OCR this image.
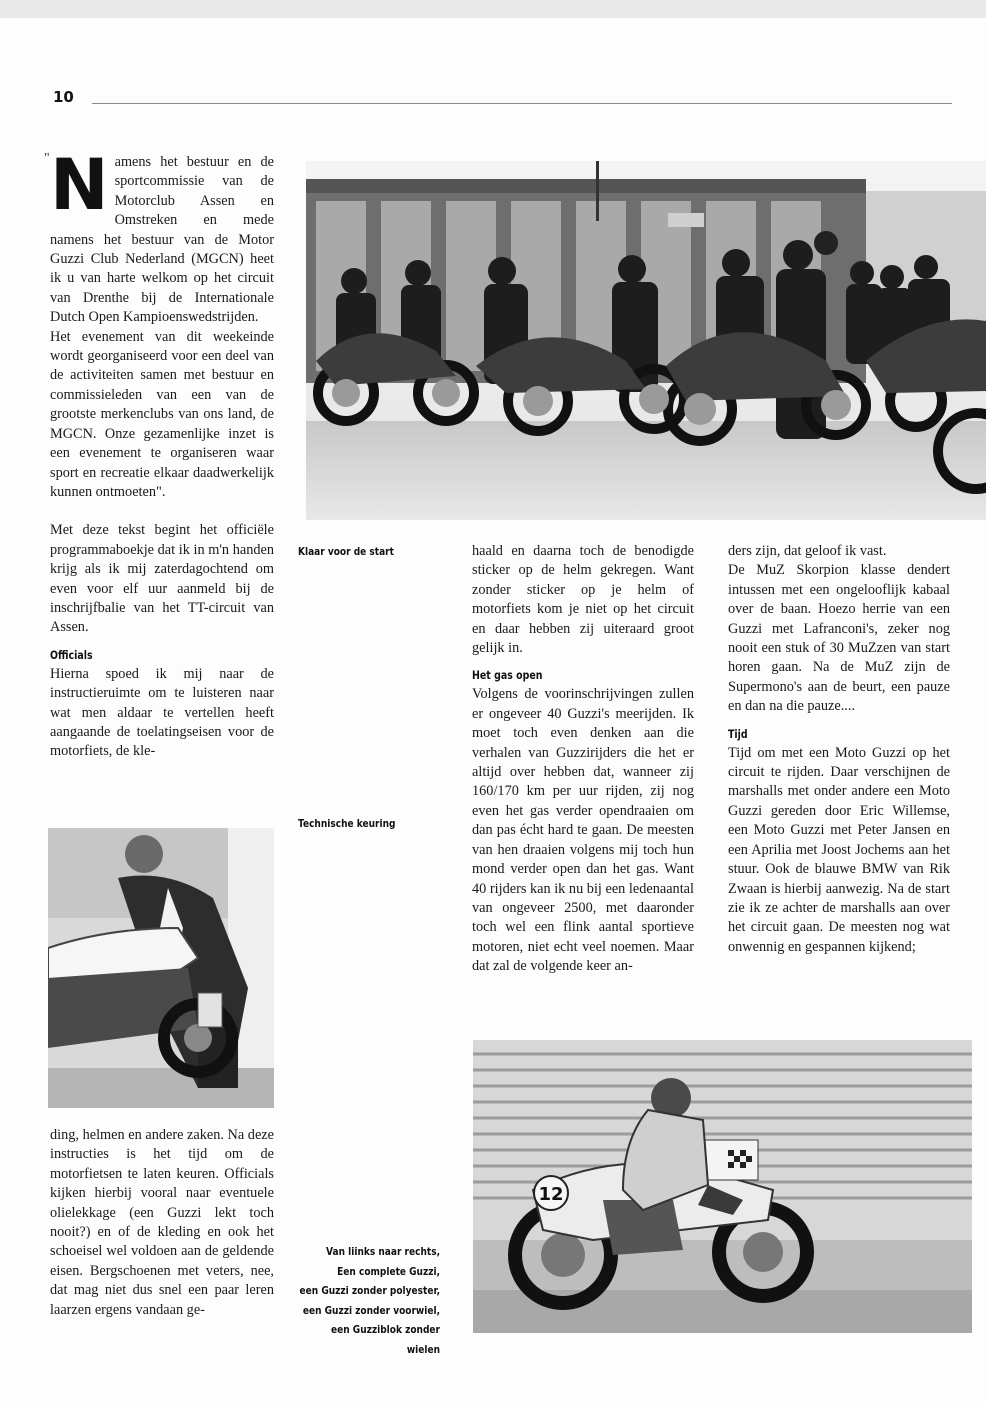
10
" Namens het bestuur en de sportcommissie van de Motorclub Assen en Omstreken en mede namens het bestuur van de Motor Guzzi Club Nederland (MGCN) heet ik u van harte welkom op het circuit van Drenthe bij de Internationale Dutch Open Kampioenswedstrijden.

Het evenement van dit weekeinde wordt georganiseerd voor een deel van de activiteiten samen met bestuur en commissieleden van een van de grootste merkenclubs van ons land, de MGCN. Onze gezamenlijke inzet is een evenement te organiseren waar sport en recreatie elkaar daadwerkelijk kunnen ontmoeten".

Met deze tekst begint het officiële programmaboekje dat ik in m'n handen krijg als ik mij zaterdagochtend om even voor elf uur aanmeld bij de inschrijfbalie van het TT-circuit van Assen.

Officials

Hierna spoed ik mij naar de instructieruimte om te luisteren naar wat men aldaar te vertellen heeft aangaande de toelatingseisen voor de motorfiets, de kle-

ding, helmen en andere zaken. Na deze instructies is het tijd om de motorfietsen te laten keuren. Officials kijken hierbij vooral naar eventuele olielekkage (een Guzzi lekt toch nooit?) en of de kleding en ook het schoeisel wel voldoen aan de geldende eisen. Bergschoenen met veters, nee, dat mag niet dus snel een paar leren laarzen ergens vandaan ge-

haald en daarna toch de benodigde sticker op de helm gekregen. Want zonder sticker op je helm of motorfiets kom je niet op het circuit en daar hebben zij uiteraard groot gelijk in.

Het gas open

Volgens de voorinschrijvingen zullen er ongeveer 40 Guzzi's meerijden. Ik moet toch even denken aan die verhalen van Guzzirijders die het er altijd over hebben dat, wanneer zij 160/170 km per uur rijden, zij nog even het gas verder opendraaien om dan pas écht hard te gaan. De meesten van hen draaien volgens mij toch hun mond verder open dan het gas. Want 40 rijders kan ik nu bij een ledenaantal van ongeveer 2500, met daaronder toch wel een flink aantal sportieve motoren, niet echt veel noemen. Maar dat zal de volgende keer an-

ders zijn, dat geloof ik vast.

De MuZ Skorpion klasse dendert intussen met een ongelooflijk kabaal over de baan. Hoezo herrie van een Guzzi met Lafranconi's, zeker nog nooit een stuk of 30 MuZzen van start horen gaan. Na de MuZ zijn de Supermono's aan de beurt, een pauze en dan na die pauze....

Tijd

Tijd om met een Moto Guzzi op het circuit te rijden. Daar verschijnen de marshalls met onder andere een Moto Guzzi gereden door Eric Willemse, een Moto Guzzi met Peter Jansen en een Aprilia met Joost Jochems aan het stuur. Ook de blauwe BMW van Rik Zwaan is hierbij aanwezig. Na de start zie ik ze achter de marshalls aan over het circuit gaan. De meesten nog wat onwennig en gespannen kijkend;

Klaar voor de start
Technische keuring
Van liinks naar rechts,
Een complete Guzzi,
een Guzzi zonder polyester,
een Guzzi zonder voorwiel,
een Guzziblok zonder wielen
12
